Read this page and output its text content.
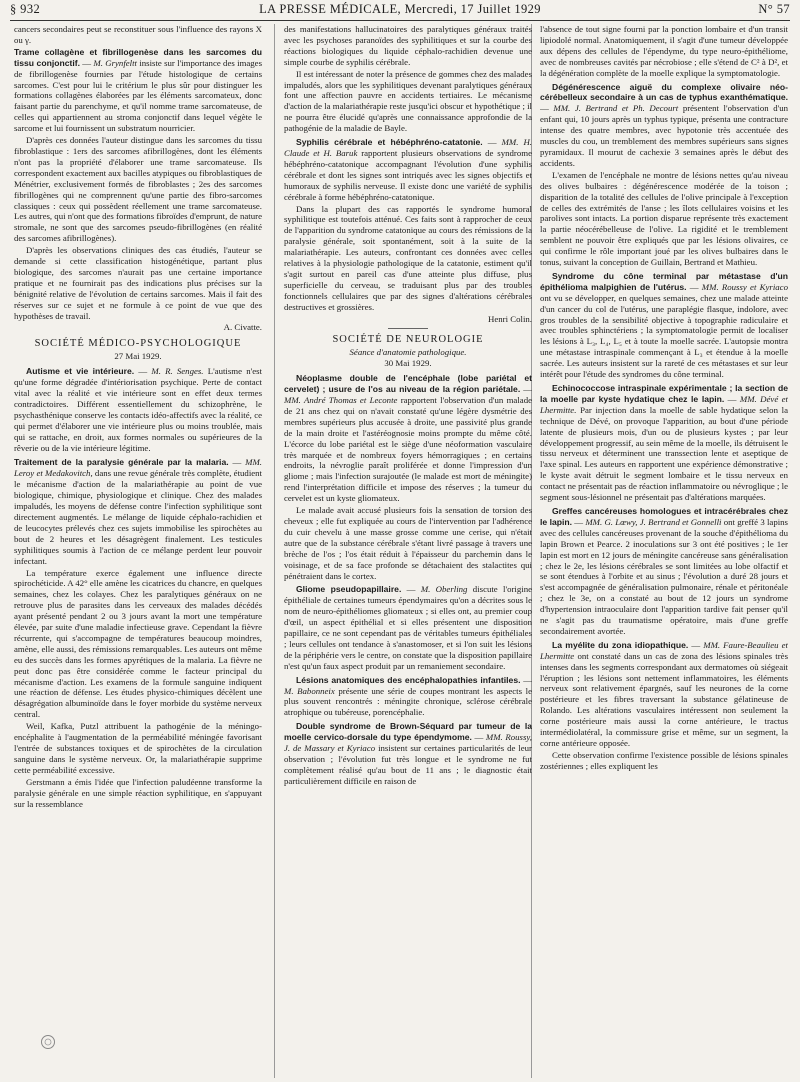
§ 932	LA PRESSE MÉDICALE, Mercredi, 17 Juillet 1929	N° 57

cancers secondaires peut se reconstituer sous l'influence des rayons X ou γ.

Trame collagène et fibrillogenèse dans les sarcomes du tissu conjonctif. — M. Grynfeltt insiste sur l'importance des images de fibrillogenèse fournies par l'étude histologique de certains sarcomes. C'est pour lui le critérium le plus sûr pour distinguer les formations collagènes élaborées par les éléments sarcomateux, donc faisant partie du parenchyme, et qu'il nomme trame sarcomateuse, de celles qui appartiennent au stroma conjonctif dans lequel végète le sarcome et lui fournissent un substratum nourricier.

D'après ces données l'auteur distingue dans les sarcomes du tissu fibroblastique : 1ers des sarcomes afibrillogènes, dont les éléments n'ont pas la propriété d'élaborer une trame sarcomateuse. Ils correspondent exactement aux bacilles atypiques ou fibroblastiques de Ménétrier, exclusivement formés de fibroblastes ; 2es des sarcomes fibrillogènes qui ne comprennent qu'une partie des fibro-sarcomes classiques : ceux qui possèdent réellement une trame sarcomateuse. Les autres, qui n'ont que des formations fibroïdes d'emprunt, de nature stromale, ne sont que des sarcomes pseudo-fibrillogènes (en réalité des sarcomes afibrillogènes).

D'après les observations cliniques des cas étudiés, l'auteur se demande si cette classification histogénétique, partant plus biologique, des sarcomes n'aurait pas une certaine importance pratique et ne fournirait pas des indications plus précises sur la bénignité relative de l'évolution de certains sarcomes. Mais il fait des réserves sur ce sujet et ne formule à ce point de vue que des hypothèses de travail.

A. Civatte.

SOCIÉTÉ MÉDICO-PSYCHOLOGIQUE
27 Mai 1929.

Autisme et vie intérieure. — M. R. Senges. L'autisme n'est qu'une forme dégradée d'intériorisation psychique. Perte de contact vital avec la réalité et vie intérieure sont en effet deux termes contradictoires. Différent essentiellement du schizophrène, le psychasthénique conserve les contacts idéo-affectifs avec la réalité, ce qui permet d'élaborer une vie intérieure plus ou moins troublée, mais qui se rattache, en droit, aux formes normales ou supérieures de la rêverie ou de la vie intérieure légitime.

Traitement de la paralysie générale par la malaria. — MM. Leroy et Medakovitch, dans une revue générale très complète, étudient le mécanisme d'action de la malariathérapie au point de vue biologique, chimique, physiologique et clinique. Chez des malades impaludés, les moyens de défense contre l'infection syphilitique sont directement augmentés. Le mélange de liquide céphalo-rachidien et de leucocytes prélevés chez ces sujets immobilise les spirochètes au bout de 2 heures et les désagrègent finalement. Les testicules syphilitiques soumis à l'action de ce mélange perdent leur pouvoir infectant.

La température exerce également une influence directe spirochéticide. A 42° elle amène les cicatrices du chancre, en quelques semaines, chez les colayes. Chez les paralytiques généraux on ne retrouve plus de parasites dans les cerveaux des malades décédés ayant présenté pendant 2 ou 3 jours avant la mort une température élevée, par suite d'une maladie infectieuse grave. Cependant la fièvre récurrente, qui s'accompagne de températures beaucoup moindres, amène, elle aussi, des rémissions remarquables. Les auteurs ont même eu des succès dans les formes apyrétiques de la malaria. La fièvre ne peut donc pas être considérée comme le facteur principal du mécanisme d'action. Les examens de la formule sanguine indiquent une réaction de défense. Les études physico-chimiques décèlent une désagrégation albuminoïde dans le foyer morbide du système nerveux central.

Weil, Kafka, Putzl attribuent la pathogénie de la méningo-encéphalite à l'augmentation de la perméabilité méningée favorisant l'entrée de substances toxiques et de spirochètes de la circulation sanguine dans le système nerveux. Or, la malariathérapie supprime cette perméabilité excessive.

Gerstmann a émis l'idée que l'infection paludéenne transforme la paralysie générale en une simple réaction syphilitique, en s'appuyant sur la ressemblance

des manifestations hallucinatoires des paralytiques généraux traités avec les psychoses paranoïdes des syphilitiques et sur la courbe des réactions biologiques du liquide céphalo-rachidien devenue une simple courbe de syphilis cérébrale.

Il est intéressant de noter la présence de gommes chez des malades impaludés, alors que les syphilitiques devenant paralytiques généraux font une affection pauvre en accidents tertiaires. Le mécanisme d'action de la malariathérapie reste jusqu'ici obscur et hypothétique ; il ne pourra être élucidé qu'après une connaissance approfondie de la pathogénie de la maladie de Bayle.

Syphilis cérébrale et hébéphréno-catatonie. — MM. H. Claude et H. Baruk rapportent plusieurs observations de syndrome hébéphréno-catatonique accompagnant l'évolution d'une syphilis cérébrale et dont les signes sont intriqués avec les signes objectifs et humoraux de syphilis nerveuse. Il existe donc une variété de syphilis cérébrale à forme hébéphréno-catatonique.

Dans la plupart des cas rapportés le syndrome humoral syphilitique est toutefois atténué. Ces faits sont à rapprocher de ceux de l'apparition du syndrome catatonique au cours des rémissions de la paralysie générale, soit spontanément, soit à la suite de la malariathérapie. Les auteurs, confrontant ces données avec celles relatives à la physiologie pathologique de la catatonie, estiment qu'il s'agit surtout en pareil cas d'une atteinte plus diffuse, plus superficielle du cerveau, se traduisant plus par des troubles fonctionnels cellulaires que par des signes d'altérations cérébrales destructives et grossières.

Henri Colin.

SOCIÉTÉ DE NEUROLOGIE
Séance d'anatomie pathologique.
30 Mai 1929.

Néoplasme double de l'encéphale (lobe pariétal et cervelet) ; usure de l'os au niveau de la région pariétale. — MM. André Thomas et Leconte rapportent l'observation d'un malade de 21 ans chez qui on n'avait constaté qu'une légère dysmétrie des membres supérieurs plus accusée à droite, une passivité plus grande de la main droite et l'astéréognosie moins prompte du même côté. L'écorce du lobe pariétal est le siège d'une néoformation vasculaire très marquée et de nombreux foyers hémorragiques ; en certains endroits, la névroglie paraît proliférée et donne l'impression d'un gliome ; mais l'infection surajoutée (le malade est mort de méningite) rend l'interprétation difficile et impose des réserves ; la tumeur du cervelet est un kyste gliomateux.

Le malade avait accusé plusieurs fois la sensation de torsion des cheveux ; elle fut expliquée au cours de l'intervention par l'adhérence du cuir chevelu à une masse grosse comme une cerise, qui n'était autre que de la substance cérébrale s'étant livré passage à travers une brèche de l'os ; l'os était réduit à l'épaisseur du parchemin dans le voisinage, et de sa face profonde se détachaient des stalactites qui pénétraient dans le cortex.

Gliome pseudopapillaire. — M. Oberling discute l'origine épithéliale de certaines tumeurs épendymaires qu'on a décrites sous le nom de neuro-épithéliomes gliomateux ; si elles ont, au premier coup d'œil, un aspect épithélial et si elles présentent une disposition papillaire, ce ne sont cependant pas de véritables tumeurs épithéliales ; leurs cellules ont tendance à s'anastomoser, et si l'on suit les lésions de la périphérie vers le centre, on constate que la disposition papillaire n'est qu'un faux aspect produit par un remaniement secondaire.

Lésions anatomiques des encéphalopathies infantiles. — M. Babonneix présente une série de coupes montrant les aspects le plus souvent rencontrés : méningite chronique, sclérose cérébrale atrophique ou tubéreuse, porencéphalie.

Double syndrome de Brown-Séquard par tumeur de la moelle cervico-dorsale du type épendymome. — MM. Roussy, J. de Massary et Kyriaco insistent sur certaines particularités de leur observation ; l'évolution fut très longue et le syndrome ne fut complètement réalisé qu'au bout de 11 ans ; le diagnostic était particulièrement difficile en raison de

l'absence de tout signe fourni par la ponction lombaire et d'un transit lipiodolé normal. Anatomiquement, il s'agit d'une tumeur développée aux dépens des cellules de l'épendyme, du type neuro-épithéliome, avec de nombreuses cavités par nécrobiose ; elle s'étend de C² à D², et la dégénération complète de la moelle explique la symptomatologie.

Dégénérescence aiguë du complexe olivaire néo-cérébelleux secondaire à un cas de typhus exanthématique. — MM. J. Bertrand et Ph. Decourt présentent l'observation d'un enfant qui, 10 jours après un typhus typique, présenta une contracture intense des quatre membres, avec hypotonie très accentuée des muscles du cou, un tremblement des membres supérieurs sans signes pyramidaux. Il mourut de cachexie 3 semaines après le début des accidents.

L'examen de l'encéphale ne montre de lésions nettes qu'au niveau des olives bulbaires : dégénérescence modérée de la toison ; disparition de la totalité des cellules de l'olive principale à l'exception de celles des extrémités de l'anse ; les îlots cellulaires voisins et les parolives sont intacts. La portion disparue représente très exactement la partie néocérébelleuse de l'olive. La rigidité et le tremblement semblent ne pouvoir être expliqués que par les lésions olivaires, ce qui confirme le rôle important joué par les olives bulbaires dans le tonus, suivant la conception de Guillain, Bertrand et Mathieu.

Syndrome du cône terminal par métastase d'un épithélioma malpighien de l'utérus. — MM. Roussy et Kyriaco ont vu se développer, en quelques semaines, chez une malade atteinte d'un cancer du col de l'utérus, une paraplégie flasque, indolore, avec gros troubles de la sensibilité objective à topographie radiculaire et avec troubles sphinctériens ; la symptomatologie permit de localiser les lésions à L₃, L₄, L₅ et à toute la moelle sacrée. L'autopsie montra une métastase intraspinale commençant à L₃ et étendue à la moelle sacrée. Les auteurs insistent sur la rareté de ces métastases et sur leur intérêt pour l'étude des syndromes du cône terminal.

Echinococcose intraspinale expérimentale ; la section de la moelle par kyste hydatique chez le lapin. — MM. Dévé et Lhermitte. Par injection dans la moelle de sable hydatique selon la technique de Dévé, on provoque l'apparition, au bout d'une période latente de plusieurs mois, d'un ou de plusieurs kystes ; par leur développement progressif, au sein même de la moelle, ils détruisent le tissu nerveux et déterminent une transsection lente et aseptique de l'axe spinal. Les auteurs en rapportent une expérience démonstrative ; le kyste avait détruit le segment lombaire et le tissu nerveux en contact ne présentait pas de réaction inflammatoire ou névroglique ; le segment sous-lésionnel ne présentait pas d'altérations marquées.

Greffes cancéreuses homologues et intracérébrales chez le lapin. — MM. G. Lœwy, J. Bertrand et Gonnelli ont greffé 3 lapins avec des cellules cancéreuses provenant de la souche d'épithélioma du lapin Brown et Pearce. 2 inoculations sur 3 ont été positives ; le 1er lapin est mort en 12 jours de méningite cancéreuse sans généralisation ; chez le 2e, les lésions cérébrales se sont limitées au lobe olfactif et se sont étendues à l'orbite et au sinus ; l'évolution a duré 28 jours et s'est accompagnée de généralisation pulmonaire, rénale et péritonéale ; chez le 3e, on a constaté au bout de 12 jours un syndrome d'hypertension intraoculaire dont l'apparition tardive fait penser qu'il ne s'agit pas du traumatisme opératoire, mais d'une greffe secondairement avortée.

La myélite du zona idiopathique. — MM. Faure-Beaulieu et Lhermitte ont constaté dans un cas de zona des lésions spinales très intenses dans les segments correspondant aux dermatomes où siégeait l'éruption ; les lésions sont nettement inflammatoires, les éléments nerveux sont relativement épargnés, sauf les neurones de la corne postérieure et les fibres traversant la substance gélatineuse de Rolando. Les altérations vasculaires intéressent non seulement la corne postérieure mais aussi la corne antérieure, le tractus intermédiolatéral, la commissure grise et même, sur un segment, la corne antérieure opposée.

Cette observation confirme l'existence possible de lésions spinales zostériennes ; elles expliquent les
